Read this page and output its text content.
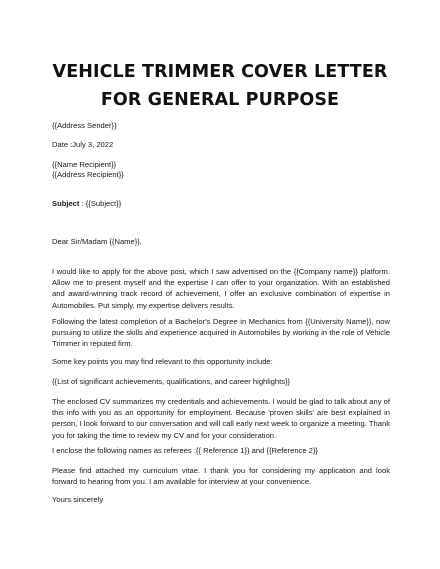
VEHICLE TRIMMER COVER LETTER FOR GENERAL PURPOSE
{{Address Sender}}
Date :July 3, 2022
{{Name Recipient}}
{{Address Recipient}}
Subject : {{Subject}}
Dear Sir/Madam {{Name}},
I would like to apply for the above post, which I saw advertised on the {{Company name}} platform. Allow me to present myself and the expertise I can offer to your organization. With an established and award-winning track record of achievement, I offer an exclusive combination of expertise in Automobiles. Put simply, my expertise delivers results.
Following the latest completion of a Bachelor's Degree in Mechanics from {{University Name}}, now pursuing to utilize the skills and experience acquired in Automobiles by working in the role of Vehicle Trimmer in reputed firm.
Some key points you may find relevant to this opportunity include:
{{List of significant achievements, qualifications, and career highlights}}
The enclosed CV summarizes my credentials and achievements. I would be glad to talk about any of this info with you as an opportunity for employment. Because 'proven skills' are best explained in person, I look forward to our conversation and will call early next week to organize a meeting. Thank you for taking the time to review my CV and for your consideration.
I enclose the following names as referees :{{ Reference 1}} and {{Reference 2}}
Please find attached my curriculum vitae. I thank you for considering my application and look forward to hearing from you. I am available for interview at your convenience.
Yours sincerely
